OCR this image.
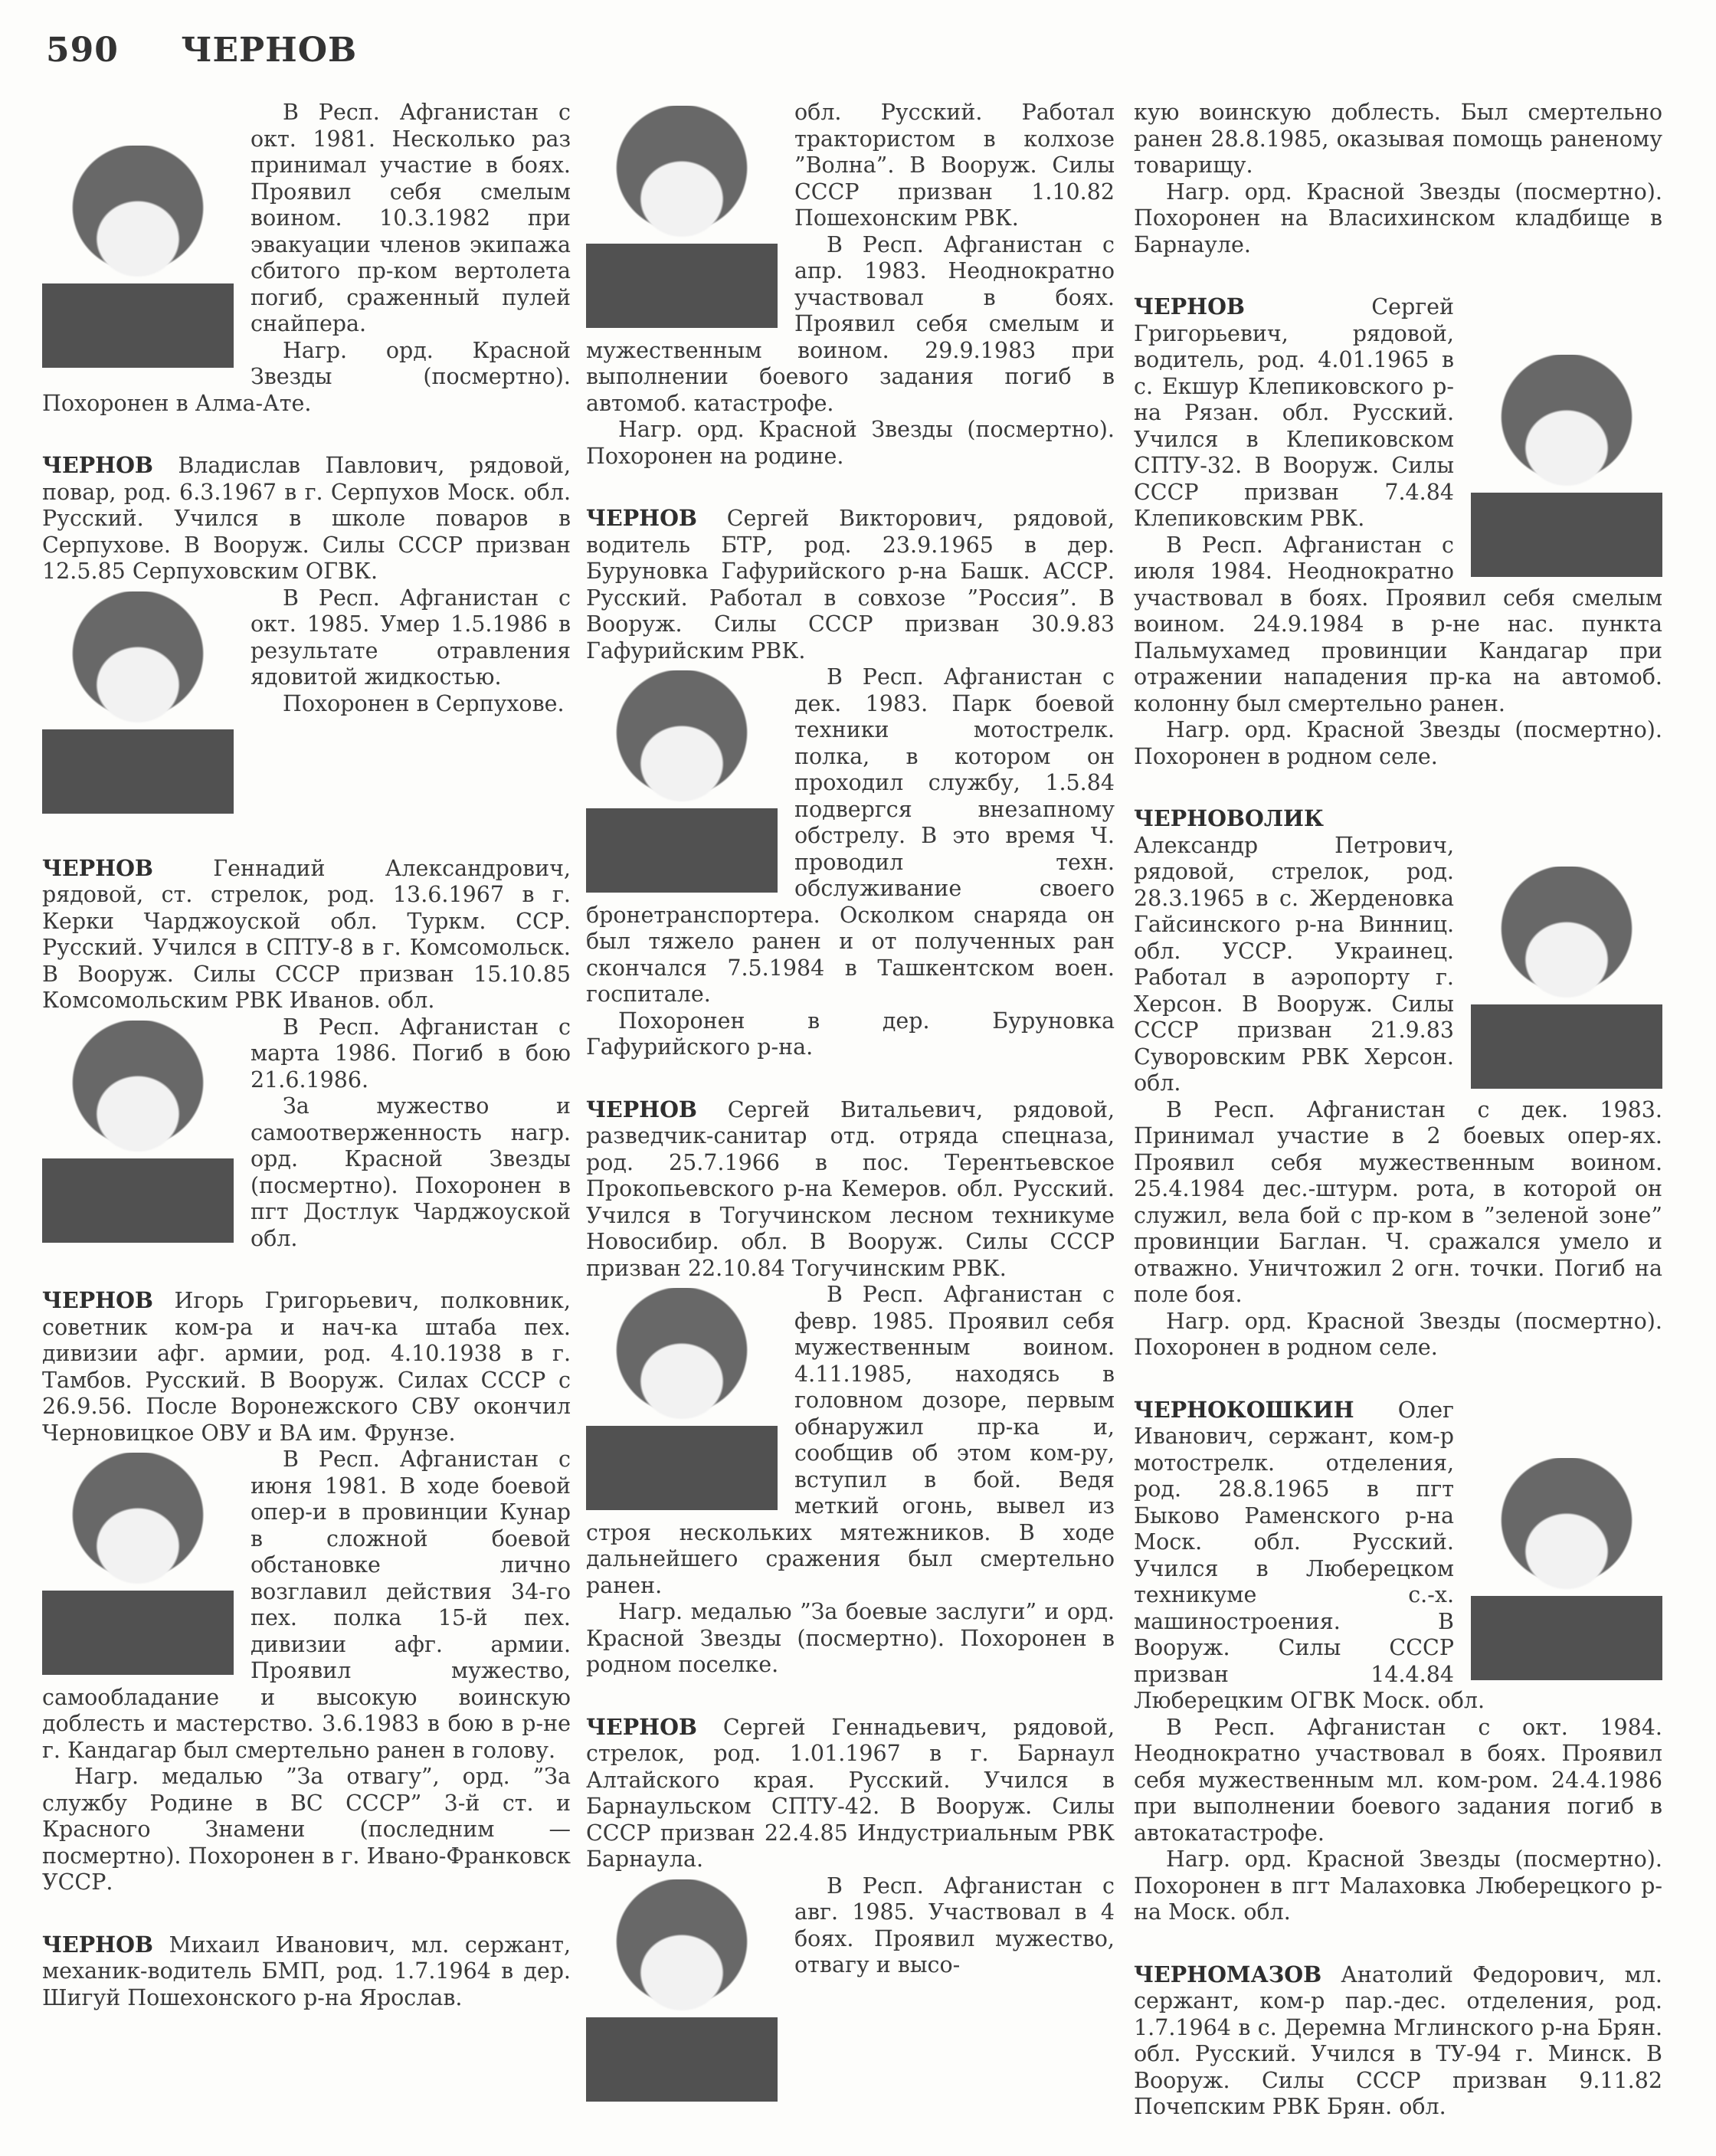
590 ЧЕРНОВ

В Респ. Афганистан с окт. 1981. Несколько раз принимал участие в боях. Проявил себя смелым воином. 10.3.1982 при эвакуации членов экипажа сбитого пр-ком вертолета погиб, сраженный пулей снайпера.

Нагр. орд. Красной Звезды (посмертно). Похоронен в Алма-Ате.

ЧЕРНОВ Владислав Павлович, рядовой, повар, род. 6.3.1967 в г. Серпухов Моск. обл. Русский. Учился в школе поваров в Серпухове. В Вооруж. Силы СССР призван 12.5.85 Серпуховским ОГВК.

В Респ. Афганистан с окт. 1985. Умер 1.5.1986 в результате отравления ядовитой жидкостью.

Похоронен в Серпухове.

ЧЕРНОВ	Геннадий Александрович, рядовой, ст. стрелок, род. 13.6.1967 в г. Керки Чарджоуской обл. Туркм. ССР. Русский. Учился в СПТУ-8 в г. Комсомольск. В Вооруж. Силы СССР призван 15.10.85 Комсомольским РВК Иванов. обл.

В Респ. Афганистан с марта 1986. Погиб в бою 21.6.1986.

За мужество и самоотверженность нагр. орд. Красной Звезды (посмертно). Похоронен в пгт Достлук Чарджоуской обл.

ЧЕРНОВ Игорь Григорьевич, полковник, советник ком-ра и нач-ка штаба пех. дивизии афг. армии, род. 4.10.1938 в г. Тамбов. Русский. В Вооруж. Силах СССР с 26.9.56. После Воронежского СВУ окончил Черновицкое ОВУ и ВА им. Фрунзе.

В Респ. Афганистан с июня 1981. В ходе боевой опер-и в провинции Кунар в сложной боевой обстановке лично возглавил действия 34-го пех. полка 15-й пех. дивизии афг. армии. Проявил мужество, самообладание и высокую воинскую доблесть и мастерство. 3.6.1983 в бою в р-не г. Кандагар был смертельно ранен в голову.

Нагр. медалью ”За отвагу”, орд. ”За службу Родине в ВС СССР” 3-й ст. и Красного Знамени (последним — посмертно). Похоронен в г. Ивано-Франковск УССР.

ЧЕРНОВ Михаил Иванович, мл. сержант, механик-водитель БМП, род. 1.7.1964 в дер. Шигуй Пошехонского р-на Ярослав.

обл. Русский. Работал трактористом в колхозе ”Волна”. В Вооруж. Силы СССР призван 1.10.82 Пошехонским РВК.

В Респ. Афганистан с апр. 1983. Неоднократно участвовал в боях. Проявил себя смелым и мужественным воином. 29.9.1983 при выполнении боевого задания погиб в автомоб. катастрофе.

Нагр. орд. Красной Звезды (посмертно). Похоронен на родине.

ЧЕРНОВ Сергей Викторович, рядовой, водитель БТР, род. 23.9.1965 в дер. Буруновка Гафурийского р-на Башк. АССР. Русский. Работал в совхозе ”Россия”. В Вооруж. Силы СССР призван 30.9.83 Гафурийским РВК.

В Респ. Афганистан с дек. 1983. Парк боевой техники мотострелк. полка, в котором он проходил службу, 1.5.84 подвергся внезапному обстрелу. В это время Ч. проводил техн. обслуживание своего бронетранспортера. Осколком снаряда он был тяжело ранен и от полученных ран скончался 7.5.1984 в Ташкентском воен. госпитале.

Похоронен в дер. Буруновка Гафурийского р-на.

ЧЕРНОВ Сергей Витальевич, рядовой, разведчик-санитар отд. отряда спецназа, род. 25.7.1966 в пос. Терентьевское Прокопьевского р-на Кемеров. обл. Русский. Учился в Тогучинском лесном техникуме Новосибир. обл. В Вооруж. Силы СССР призван 22.10.84 Тогучинским РВК.

В Респ. Афганистан с февр. 1985. Проявил себя мужественным воином. 4.11.1985, находясь в головном дозоре, первым обнаружил пр-ка и, сообщив об этом ком-ру, вступил в бой. Ведя меткий огонь, вывел из строя нескольких мятежников. В ходе дальнейшего сражения был смертельно ранен.

Нагр. медалью ”За боевые заслуги” и орд. Красной Звезды (посмертно). Похоронен в родном поселке.

ЧЕРНОВ Сергей Геннадьевич, рядовой, стрелок, род. 1.01.1967 в г. Барнаул Алтайского края. Русский. Учился в Барнаульском СПТУ-42. В Вооруж. Силы СССР призван 22.4.85 Индустриальным РВК Барнаула.

В Респ. Афганистан с авг. 1985. Участвовал в 4 боях. Проявил мужество, отвагу и высо-

кую воинскую доблесть. Был смертельно ранен 28.8.1985, оказывая помощь раненому товарищу.

Нагр. орд. Красной Звезды (посмертно). Похоронен на Власихинском кладбище в Барнауле.

ЧЕРНОВ	Сергей Григорьевич, рядовой, водитель, род. 4.01.1965 в с. Екшур Клепиковского р-на Рязан. обл. Русский. Учился в Клепиковском СПТУ-32. В Вооруж. Силы СССР призван 7.4.84 Клепиковским РВК.

В Респ. Афганистан с июля 1984. Неоднократно участвовал в боях. Проявил себя смелым воином. 24.9.1984 в р-не нас. пункта Пальмухамед провинции Кандагар при отражении нападения пр-ка на автомоб. колонну был смертельно ранен.

Нагр. орд. Красной Звезды (посмертно). Похоронен в родном селе.

ЧЕРНОВОЛИК Александр Петрович, рядовой, стрелок, род. 28.3.1965 в с. Жерденовка Гайсинского р-на Винниц. обл. УССР. Украинец. Работал в аэропорту г. Херсон. В Вооруж. Силы СССР призван 21.9.83 Суворовским РВК Херсон. обл.

В Респ. Афганистан с дек. 1983. Принимал участие в 2 боевых опер-ях. Проявил себя мужественным воином. 25.4.1984 дес.-штурм. рота, в которой он служил, вела бой с пр-ком в ”зеленой зоне” провинции Баглан. Ч. сражался умело и отважно. Уничтожил 2 огн. точки. Погиб на поле боя.

Нагр. орд. Красной Звезды (посмертно). Похоронен в родном селе.

ЧЕРНОКОШКИН Олег Иванович, сержант, ком-р мотострелк. отделения, род. 28.8.1965 в пгт Быково Раменского р-на Моск. обл. Русский. Учился в Люберецком техникуме с.-х. машиностроения. В Вооруж. Силы СССР призван 14.4.84 Люберецким ОГВК Моск. обл.

В Респ. Афганистан с окт. 1984. Неоднократно участвовал в боях. Проявил себя мужественным мл. ком-ром. 24.4.1986 при выполнении боевого задания погиб в автокатастрофе.

Нагр. орд. Красной Звезды (посмертно). Похоронен в пгт Малаховка Люберецкого р-на Моск. обл.

ЧЕРНОМАЗОВ Анатолий Федорович, мл. сержант, ком-р пар.-дес. отделения, род. 1.7.1964 в с. Деремна Мглинского р-на Брян. обл. Русский. Учился в ТУ-94 г. Минск. В Вооруж. Силы СССР призван 9.11.82 Почепским РВК Брян. обл.
